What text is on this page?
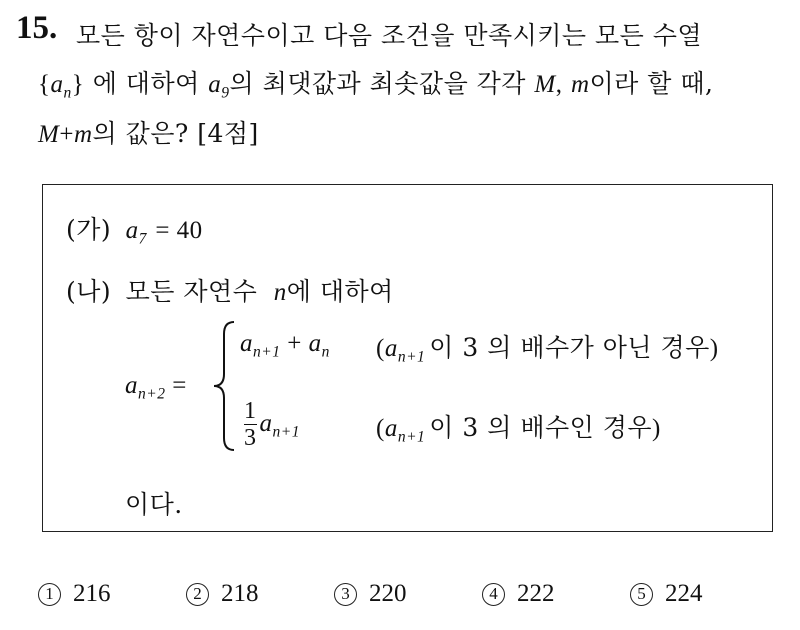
15. 모든 항이 자연수이고 다음 조건을 만족시키는 모든 수열
$\{a_n\}$ 에 대하여 $a_9$의 최댓값과 최솟값을 각각 M, m이라 할 때,
M+m의 값은? [4점]
(가) $a_7 = 40$
(나) 모든 자연수 n에 대하여
$a_{n+2}$ =
$a_{n+1} + a_n$ ($a_{n+1}$ 이 3 의 배수가 아닌 경우)
$\frac{1}{3} a_{n+1}$	($a_{n+1}$ 이 3 의 배수인 경우)
이다.
1 216	2 218	3 220	4 222	5 224
